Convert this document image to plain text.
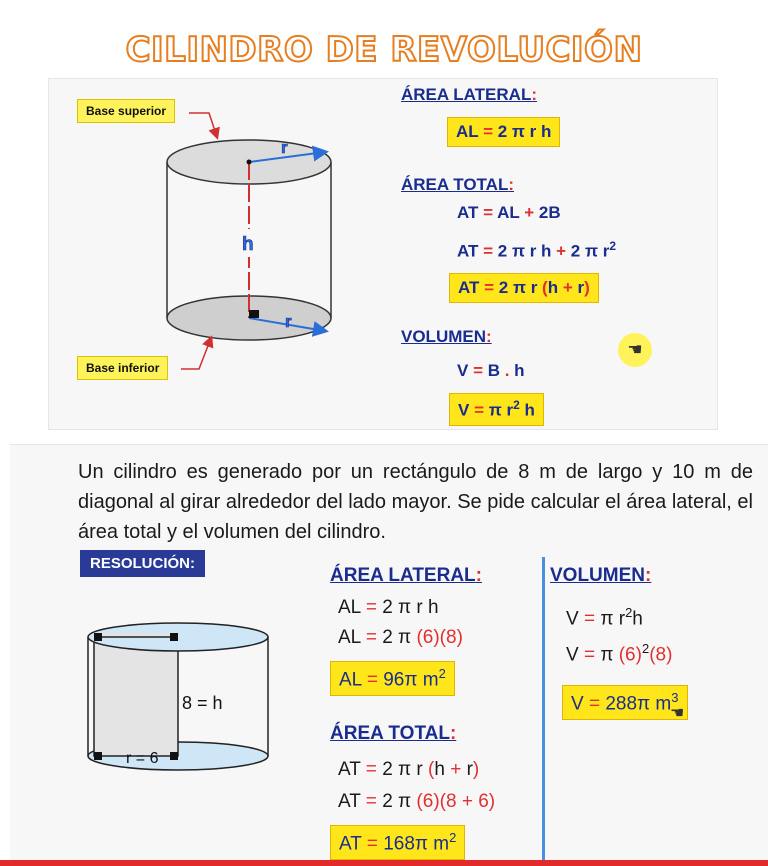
CILINDRO DE REVOLUCIÓN
r
h
r
Base superior
Base inferior
ÁREA LATERAL:
AL = 2 π r h
ÁREA TOTAL:
AT = AL + 2B
AT = 2 π r h + 2 π $r^2$
AT = 2 π r (h + r)
VOLUMEN:
V = B . h
V = π $r^2$ h
☚
Un cilindro es generado por un rectángulo de 8 m de largo y 10 m de diagonal al girar alrededor del lado mayor. Se pide calcular el área lateral, el área total y el volumen del cilindro.
RESOLUCIÓN:
8 = h
r = 6
ÁREA LATERAL:
AL = 2 π r h
AL = 2 π (6)(8)
AL = 96π $m^2$
ÁREA TOTAL:
AT = 2 π r (h + r)
AT = 2 π (6)(8 + 6)
AT = 168π $m^2$
VOLUMEN:
V = π $r^2h$
V = π $(6)^2(8)$
V = 288π $m^3$
☚
